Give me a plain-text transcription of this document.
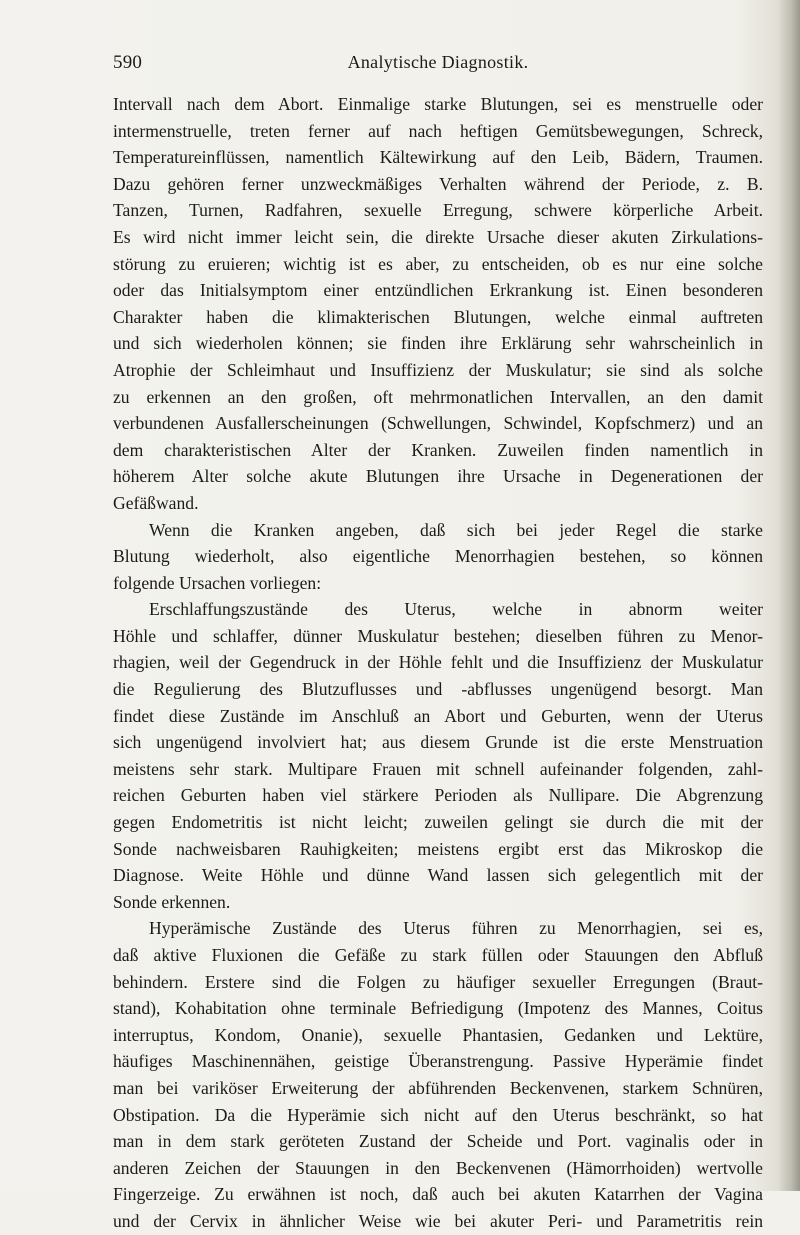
590	Analytische Diagnostik.
Intervall nach dem Abort. Einmalige starke Blutungen, sei es menstruelle oder
intermenstruelle, treten ferner auf nach heftigen Gemütsbewegungen, Schreck,
Temperatureinflüssen, namentlich Kältewirkung auf den Leib, Bädern, Traumen.
Dazu gehören ferner unzweckmäßiges Verhalten während der Periode, z. B.
Tanzen, Turnen, Radfahren, sexuelle Erregung, schwere körperliche Arbeit.
Es wird nicht immer leicht sein, die direkte Ursache dieser akuten Zirkulations-
störung zu eruieren; wichtig ist es aber, zu entscheiden, ob es nur eine solche
oder das Initialsymptom einer entzündlichen Erkrankung ist. Einen besonderen
Charakter haben die klimakterischen Blutungen, welche einmal auftreten
und sich wiederholen können; sie finden ihre Erklärung sehr wahrscheinlich in
Atrophie der Schleimhaut und Insuffizienz der Muskulatur; sie sind als solche
zu erkennen an den großen, oft mehrmonatlichen Intervallen, an den damit
verbundenen Ausfallerscheinungen (Schwellungen, Schwindel, Kopfschmerz) und an
dem charakteristischen Alter der Kranken. Zuweilen finden namentlich in
höherem Alter solche akute Blutungen ihre Ursache in Degenerationen der
Gefäßwand.
Wenn die Kranken angeben, daß sich bei jeder Regel die starke
Blutung wiederholt, also eigentliche Menorrhagien bestehen, so können
folgende Ursachen vorliegen:
Erschlaffungszustände des Uterus, welche in abnorm weiter
Höhle und schlaffer, dünner Muskulatur bestehen; dieselben führen zu Menor-
rhagien, weil der Gegendruck in der Höhle fehlt und die Insuffizienz der Muskulatur
die Regulierung des Blutzuflusses und -abflusses ungenügend besorgt. Man
findet diese Zustände im Anschluß an Abort und Geburten, wenn der Uterus
sich ungenügend involviert hat; aus diesem Grunde ist die erste Menstruation
meistens sehr stark. Multipare Frauen mit schnell aufeinander folgenden, zahl-
reichen Geburten haben viel stärkere Perioden als Nullipare. Die Abgrenzung
gegen Endometritis ist nicht leicht; zuweilen gelingt sie durch die mit der
Sonde nachweisbaren Rauhigkeiten; meistens ergibt erst das Mikroskop die
Diagnose. Weite Höhle und dünne Wand lassen sich gelegentlich mit der
Sonde erkennen.
Hyperämische Zustände des Uterus führen zu Menorrhagien, sei es,
daß aktive Fluxionen die Gefäße zu stark füllen oder Stauungen den Abfluß
behindern. Erstere sind die Folgen zu häufiger sexueller Erregungen (Braut-
stand), Kohabitation ohne terminale Befriedigung (Impotenz des Mannes, Coitus
interruptus, Kondom, Onanie), sexuelle Phantasien, Gedanken und Lektüre,
häufiges Maschinennähen, geistige Überanstrengung. Passive Hyperämie findet
man bei variköser Erweiterung der abführenden Beckenvenen, starkem Schnüren,
Obstipation. Da die Hyperämie sich nicht auf den Uterus beschränkt, so hat
man in dem stark geröteten Zustand der Scheide und Port. vaginalis oder in
anderen Zeichen der Stauungen in den Beckenvenen (Hämorrhoiden) wertvolle
Fingerzeige. Zu erwähnen ist noch, daß auch bei akuten Katarrhen der Vagina
und der Cervix in ähnlicher Weise wie bei akuter Peri- und Parametritis rein
